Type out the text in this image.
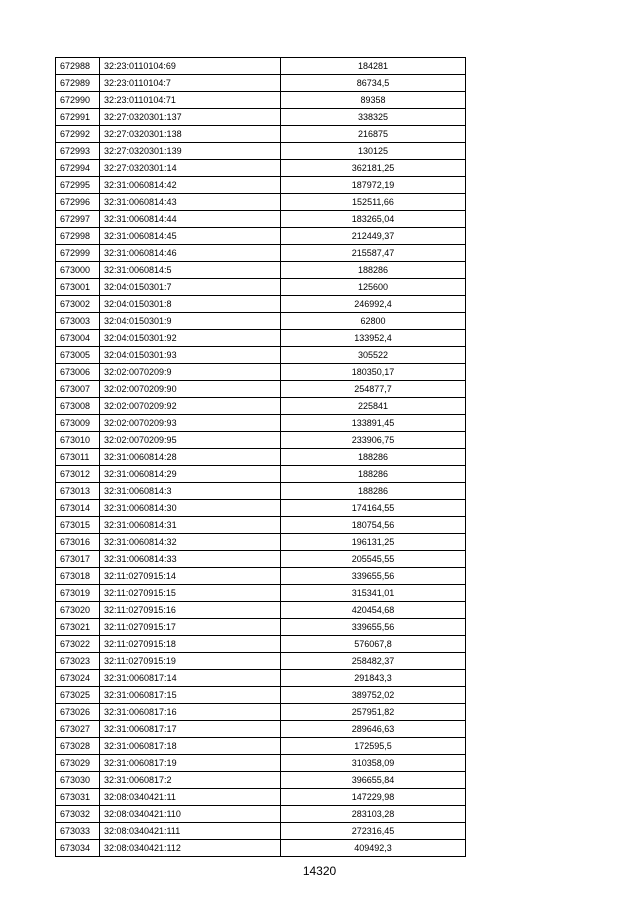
672988	32:23:0110104:69	184281
672989	32:23:0110104:7	86734,5
672990	32:23:0110104:71	89358
672991	32:27:0320301:137	338325
672992	32:27:0320301:138	216875
672993	32:27:0320301:139	130125
672994	32:27:0320301:14	362181,25
672995	32:31:0060814:42	187972,19
672996	32:31:0060814:43	152511,66
672997	32:31:0060814:44	183265,04
672998	32:31:0060814:45	212449,37
672999	32:31:0060814:46	215587,47
673000	32:31:0060814:5	188286
673001	32:04:0150301:7	125600
673002	32:04:0150301:8	246992,4
673003	32:04:0150301:9	62800
673004	32:04:0150301:92	133952,4
673005	32:04:0150301:93	305522
673006	32:02:0070209:9	180350,17
673007	32:02:0070209:90	254877,7
673008	32:02:0070209:92	225841
673009	32:02:0070209:93	133891,45
673010	32:02:0070209:95	233906,75
673011	32:31:0060814:28	188286
673012	32:31:0060814:29	188286
673013	32:31:0060814:3	188286
673014	32:31:0060814:30	174164,55
673015	32:31:0060814:31	180754,56
673016	32:31:0060814:32	196131,25
673017	32:31:0060814:33	205545,55
673018	32:11:0270915:14	339655,56
673019	32:11:0270915:15	315341,01
673020	32:11:0270915:16	420454,68
673021	32:11:0270915:17	339655,56
673022	32:11:0270915:18	576067,8
673023	32:11:0270915:19	258482,37
673024	32:31:0060817:14	291843,3
673025	32:31:0060817:15	389752,02
673026	32:31:0060817:16	257951,82
673027	32:31:0060817:17	289646,63
673028	32:31:0060817:18	172595,5
673029	32:31:0060817:19	310358,09
673030	32:31:0060817:2	396655,84
673031	32:08:0340421:11	147229,98
673032	32:08:0340421:110	283103,28
673033	32:08:0340421:111	272316,45
673034	32:08:0340421:112	409492,3
14320
